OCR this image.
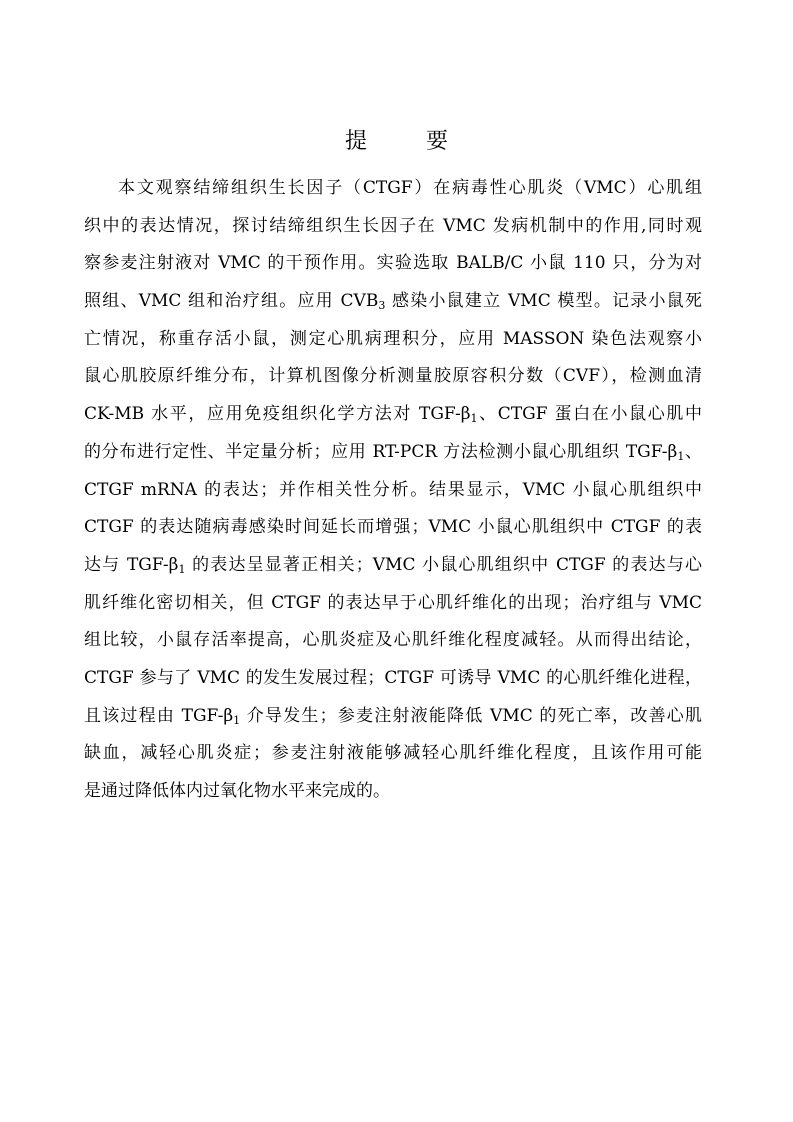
提 要
本文观察结缔组织生长因子（CTGF）在病毒性心肌炎（VMC）心肌组
织中的表达情况，探讨结缔组织生长因子在 VMC 发病机制中的作用,同时观
察参麦注射液对 VMC 的干预作用。实验选取 BALB/C 小鼠 110 只，分为对
照组、VMC 组和治疗组。应用 $CVB_3$ 感染小鼠建立 VMC 模型。记录小鼠死
亡情况，称重存活小鼠，测定心肌病理积分，应用 MASSON 染色法观察小
鼠心肌胶原纤维分布，计算机图像分析测量胶原容积分数（CVF），检测血清
CK-MB 水平，应用免疫组织化学方法对 TGF-$\beta_1$、CTGF 蛋白在小鼠心肌中
的分布进行定性、半定量分析；应用 RT-PCR 方法检测小鼠心肌组织 TGF-$\beta_1$、
CTGF mRNA 的表达；并作相关性分析。结果显示，VMC 小鼠心肌组织中
CTGF 的表达随病毒感染时间延长而增强；VMC 小鼠心肌组织中 CTGF 的表
达与 TGF-$\beta_1$ 的表达呈显著正相关；VMC 小鼠心肌组织中 CTGF 的表达与心
肌纤维化密切相关，但 CTGF 的表达早于心肌纤维化的出现；治疗组与 VMC
组比较，小鼠存活率提高，心肌炎症及心肌纤维化程度减轻。从而得出结论，
CTGF 参与了 VMC 的发生发展过程；CTGF 可诱导 VMC 的心肌纤维化进程，
且该过程由 TGF-$\beta_1$ 介导发生；参麦注射液能降低 VMC 的死亡率，改善心肌
缺血，减轻心肌炎症；参麦注射液能够减轻心肌纤维化程度，且该作用可能
是通过降低体内过氧化物水平来完成的。
